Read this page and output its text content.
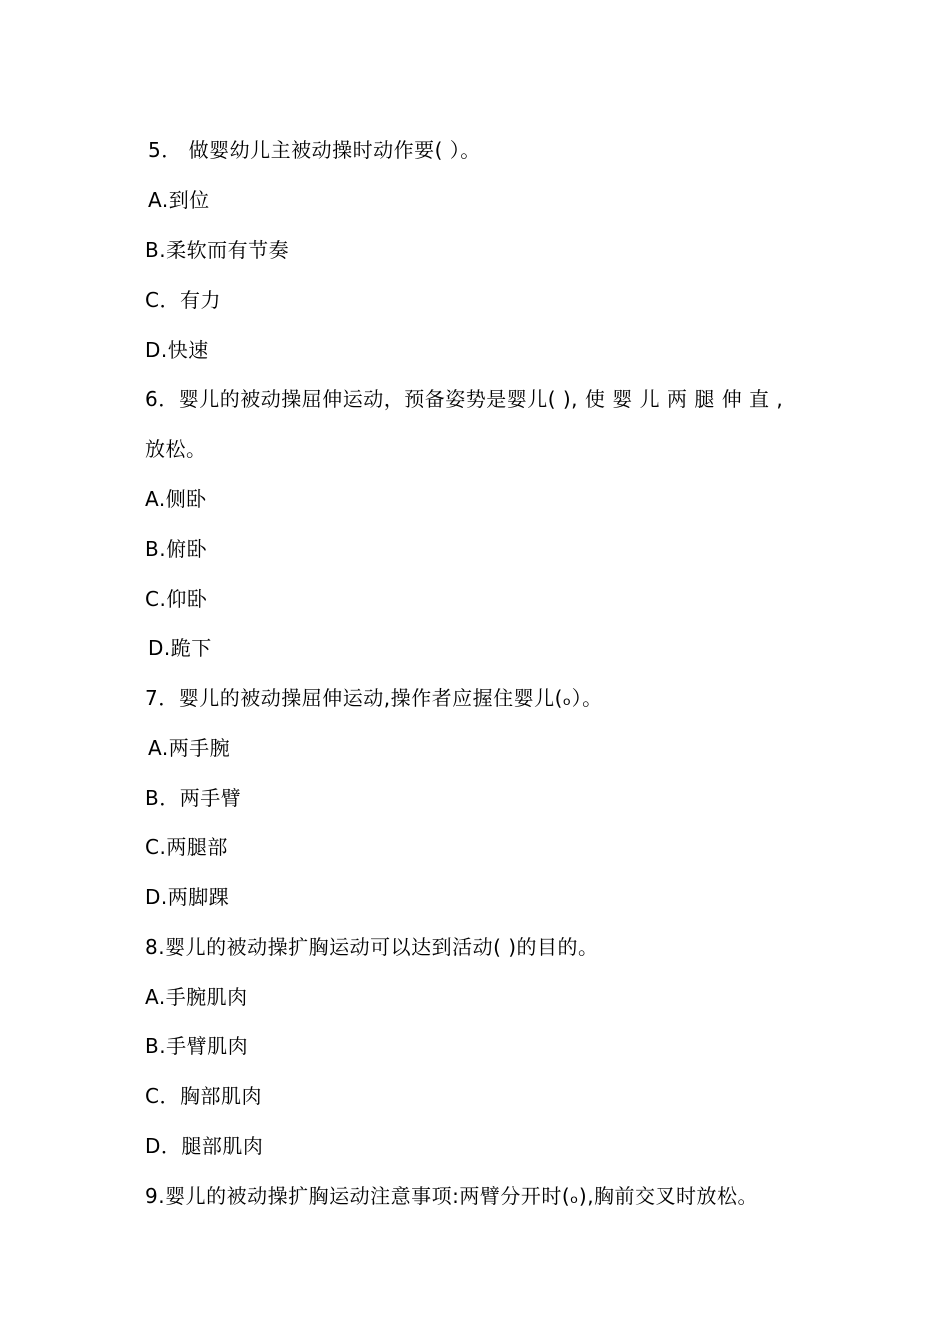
5． 做婴幼儿主被动操时动作要( ）。
A.到位
B.柔软而有节奏
C．有力
D.快速
6．婴儿的被动操屈伸运动，预备姿势是婴儿( ), 使 婴 儿 两 腿 伸 直 ,
放松。
A.侧卧
B.俯卧
C.仰卧
D.跪下
7．婴儿的被动操屈伸运动,操作者应握住婴儿(ₒ）。
A.两手腕
B．两手臂
C.两腿部
D.两脚踝
8.婴儿的被动操扩胸运动可以达到活动( )的目的。
A.手腕肌肉
B.手臂肌肉
C．胸部肌肉
D．腿部肌肉
9.婴儿的被动操扩胸运动注意事项:两臂分开时(ₒ),胸前交叉时放松。
